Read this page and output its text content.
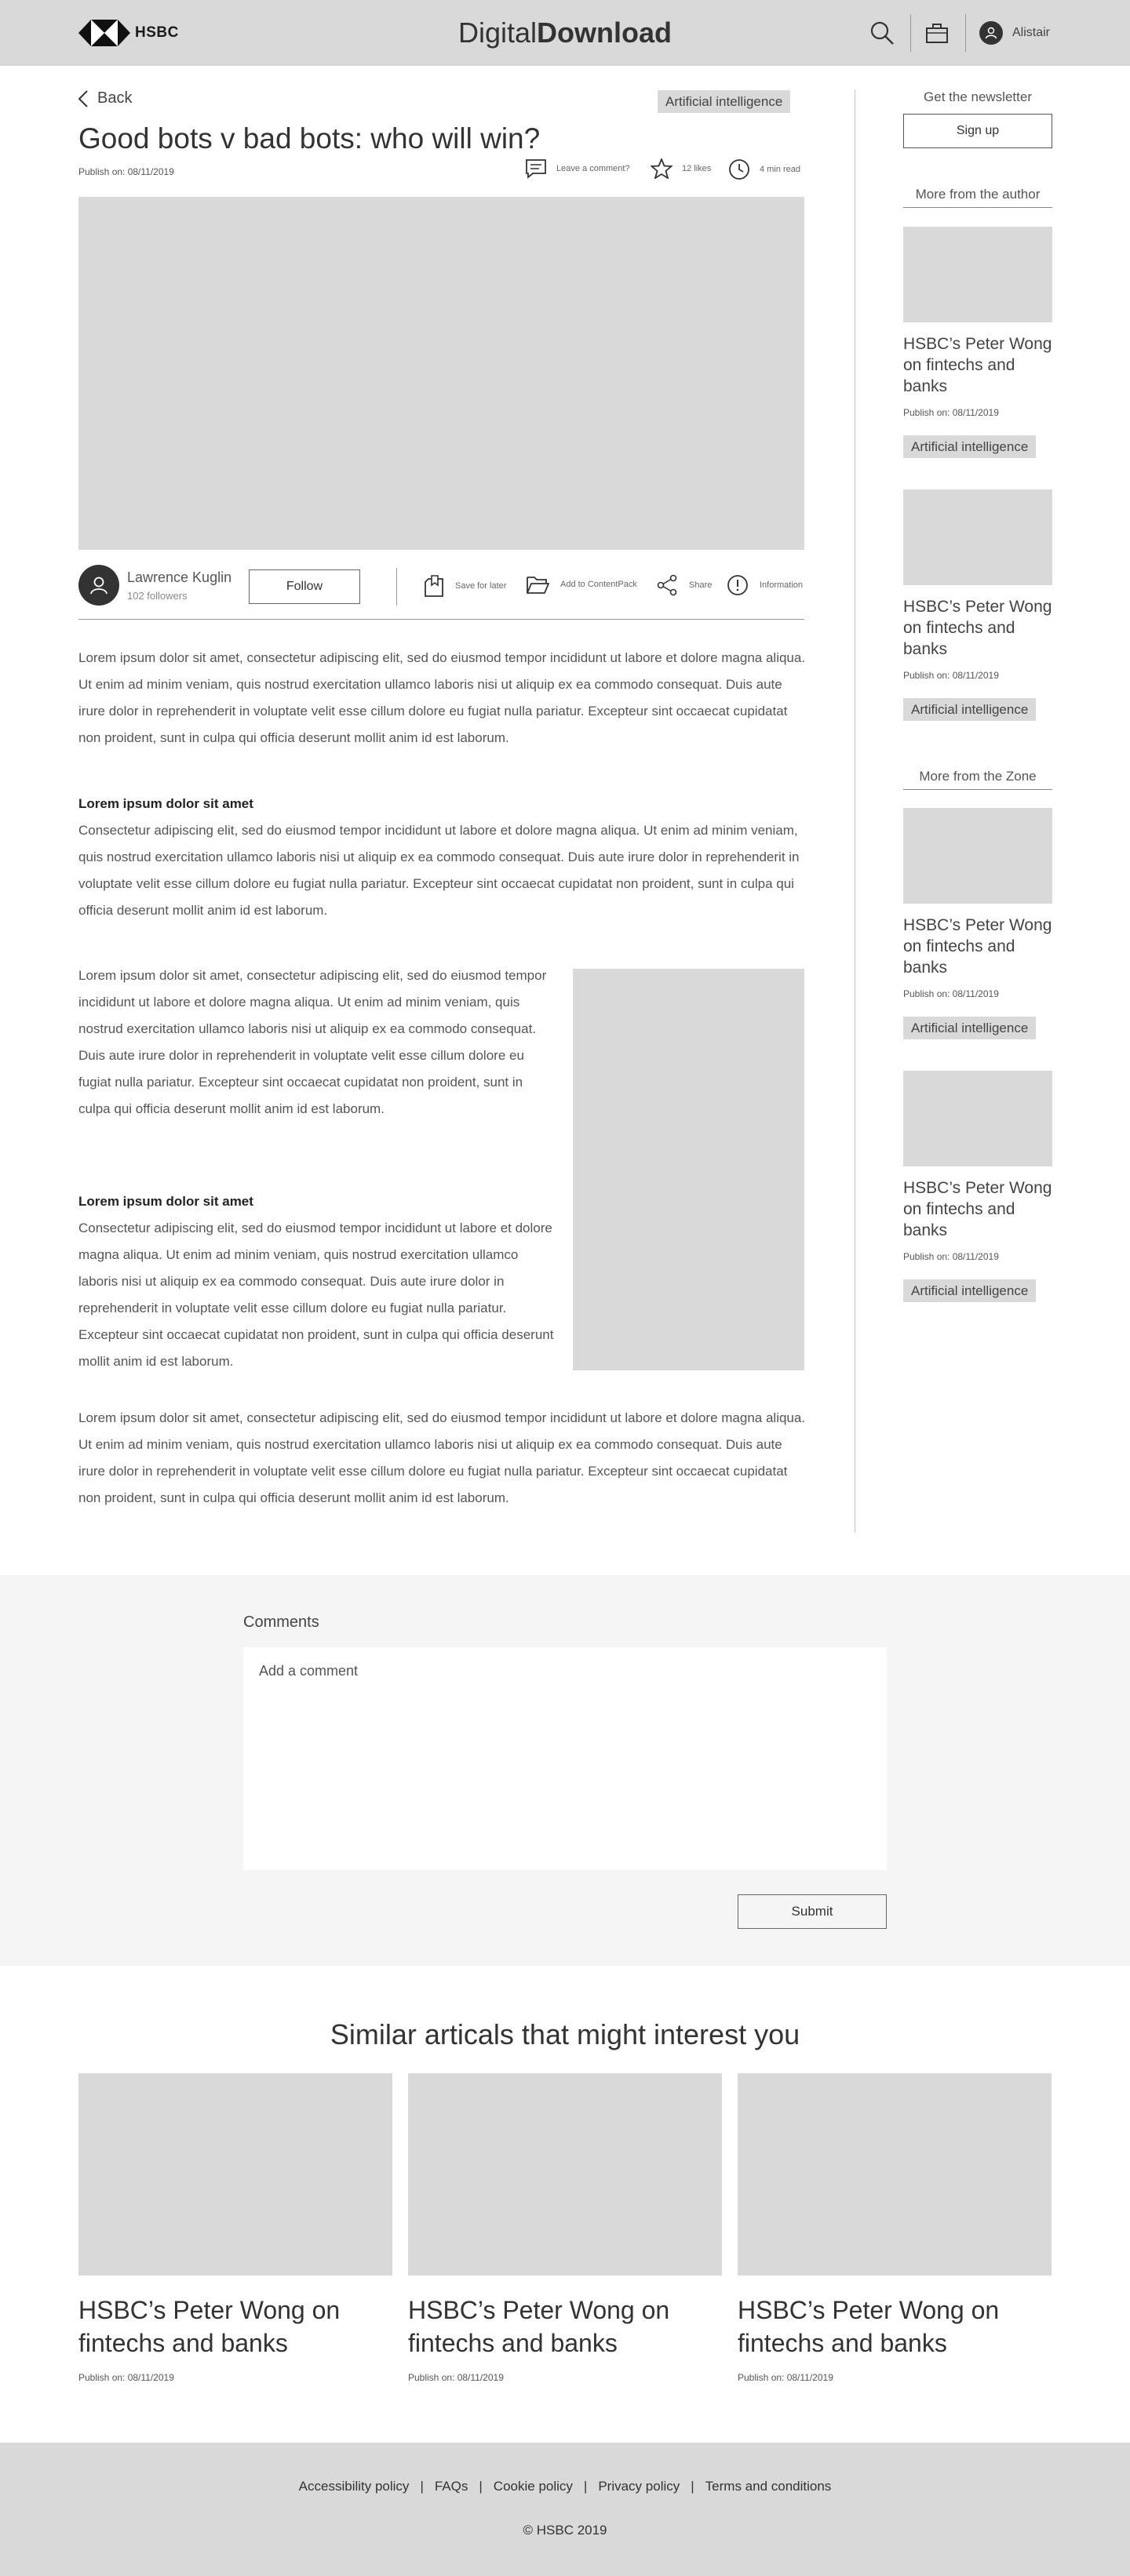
HSBC	DigitalDownload	Alistair
Back	Artificial intelligence
Good bots v bad bots: who will win?
Publish on: 08/11/2019	Leave a comment?	12 likes	4 min read
Lawrence Kuglin
102 followers
Follow	Save for later	Add to ContentPack	Share	Information

Lorem ipsum dolor sit amet, consectetur adipiscing elit, sed do eiusmod tempor incididunt ut labore et dolore magna aliqua. Ut enim ad minim veniam, quis nostrud exercitation ullamco laboris nisi ut aliquip ex ea commodo consequat. Duis aute irure dolor in reprehenderit in voluptate velit esse cillum dolore eu fugiat nulla pariatur. Excepteur sint occaecat cupidatat non proident, sunt in culpa qui officia deserunt mollit anim id est laborum.

Lorem ipsum dolor sit amet

Consectetur adipiscing elit, sed do eiusmod tempor incididunt ut labore et dolore magna aliqua. Ut enim ad minim veniam, quis nostrud exercitation ullamco laboris nisi ut aliquip ex ea commodo consequat. Duis aute irure dolor in reprehenderit in voluptate velit esse cillum dolore eu fugiat nulla pariatur. Excepteur sint occaecat cupidatat non proident, sunt in culpa qui officia deserunt mollit anim id est laborum.

Lorem ipsum dolor sit amet, consectetur adipiscing elit, sed do eiusmod tempor incididunt ut labore et dolore magna aliqua. Ut enim ad minim veniam, quis nostrud exercitation ullamco laboris nisi ut aliquip ex ea commodo consequat. Duis aute irure dolor in reprehenderit in voluptate velit esse cillum dolore eu fugiat nulla pariatur. Excepteur sint occaecat cupidatat non proident, sunt in culpa qui officia deserunt mollit anim id est laborum.

Lorem ipsum dolor sit amet

Consectetur adipiscing elit, sed do eiusmod tempor incididunt ut labore et dolore magna aliqua. Ut enim ad minim veniam, quis nostrud exercitation ullamco laboris nisi ut aliquip ex ea commodo consequat. Duis aute irure dolor in reprehenderit in voluptate velit esse cillum dolore eu fugiat nulla pariatur. Excepteur sint occaecat cupidatat non proident, sunt in culpa qui officia deserunt mollit anim id est laborum.

Lorem ipsum dolor sit amet, consectetur adipiscing elit, sed do eiusmod tempor incididunt ut labore et dolore magna aliqua. Ut enim ad minim veniam, quis nostrud exercitation ullamco laboris nisi ut aliquip ex ea commodo consequat. Duis aute irure dolor in reprehenderit in voluptate velit esse cillum dolore eu fugiat nulla pariatur. Excepteur sint occaecat cupidatat non proident, sunt in culpa qui officia deserunt mollit anim id est laborum.

Get the newsletter
Sign up
More from the author
HSBC’s Peter Wong on fintechs and banks
Publish on: 08/11/2019
Artificial intelligence
HSBC’s Peter Wong on fintechs and banks
Publish on: 08/11/2019
Artificial intelligence
More from the Zone
HSBC’s Peter Wong on fintechs and banks
Publish on: 08/11/2019
Artificial intelligence
HSBC’s Peter Wong on fintechs and banks
Publish on: 08/11/2019
Artificial intelligence
Comments
Add a comment
Submit
Similar articals that might interest you
HSBC’s Peter Wong on fintechs and banks
Publish on: 08/11/2019
HSBC’s Peter Wong on fintechs and banks
Publish on: 08/11/2019
HSBC’s Peter Wong on fintechs and banks
Publish on: 08/11/2019
Accessibility policy | FAQs | Cookie policy | Privacy policy | Terms and conditions
© HSBC 2019
